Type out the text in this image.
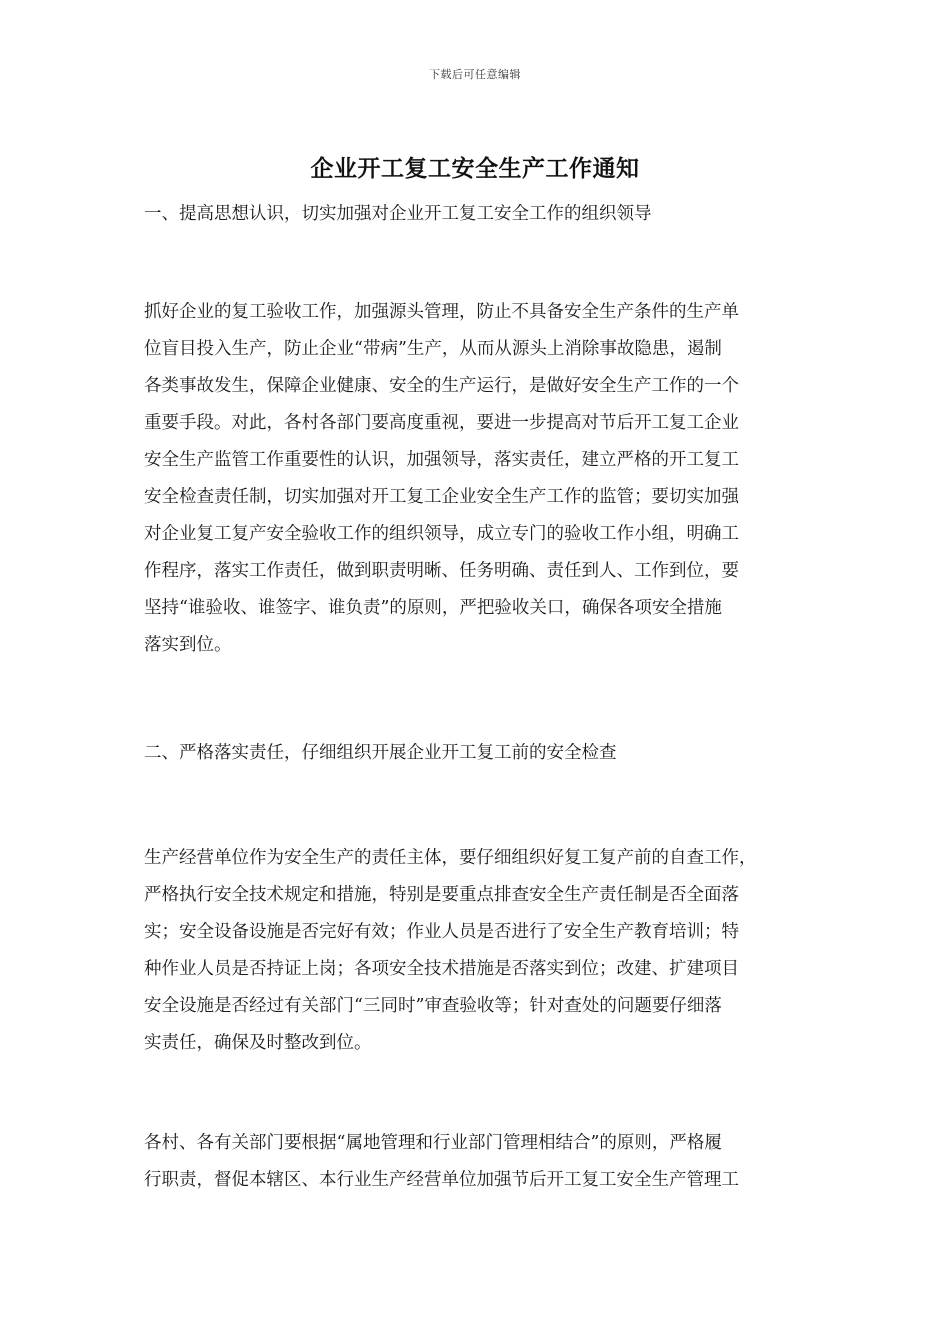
下载后可任意编辑
企业开工复工安全生产工作通知
一、提高思想认识，切实加强对企业开工复工安全工作的组织领导
抓好企业的复工验收工作，加强源头管理，防止不具备安全生产条件的生产单
位盲目投入生产，防止企业“带病”生产，从而从源头上消除事故隐患，遏制
各类事故发生，保障企业健康、安全的生产运行，是做好安全生产工作的一个
重要手段。对此，各村各部门要高度重视，要进一步提高对节后开工复工企业
安全生产监管工作重要性的认识，加强领导，落实责任，建立严格的开工复工
安全检查责任制，切实加强对开工复工企业安全生产工作的监管；要切实加强
对企业复工复产安全验收工作的组织领导，成立专门的验收工作小组，明确工
作程序，落实工作责任，做到职责明晰、任务明确、责任到人、工作到位，要
坚持“谁验收、谁签字、谁负责”的原则，严把验收关口，确保各项安全措施
落实到位。
二、严格落实责任，仔细组织开展企业开工复工前的安全检查
生产经营单位作为安全生产的责任主体，要仔细组织好复工复产前的自查工作，
严格执行安全技术规定和措施，特别是要重点排查安全生产责任制是否全面落
实；安全设备设施是否完好有效；作业人员是否进行了安全生产教育培训；特
种作业人员是否持证上岗；各项安全技术措施是否落实到位；改建、扩建项目
安全设施是否经过有关部门“三同时”审查验收等；针对查处的问题要仔细落
实责任，确保及时整改到位。
各村、各有关部门要根据“属地管理和行业部门管理相结合”的原则，严格履
行职责，督促本辖区、本行业生产经营单位加强节后开工复工安全生产管理工
